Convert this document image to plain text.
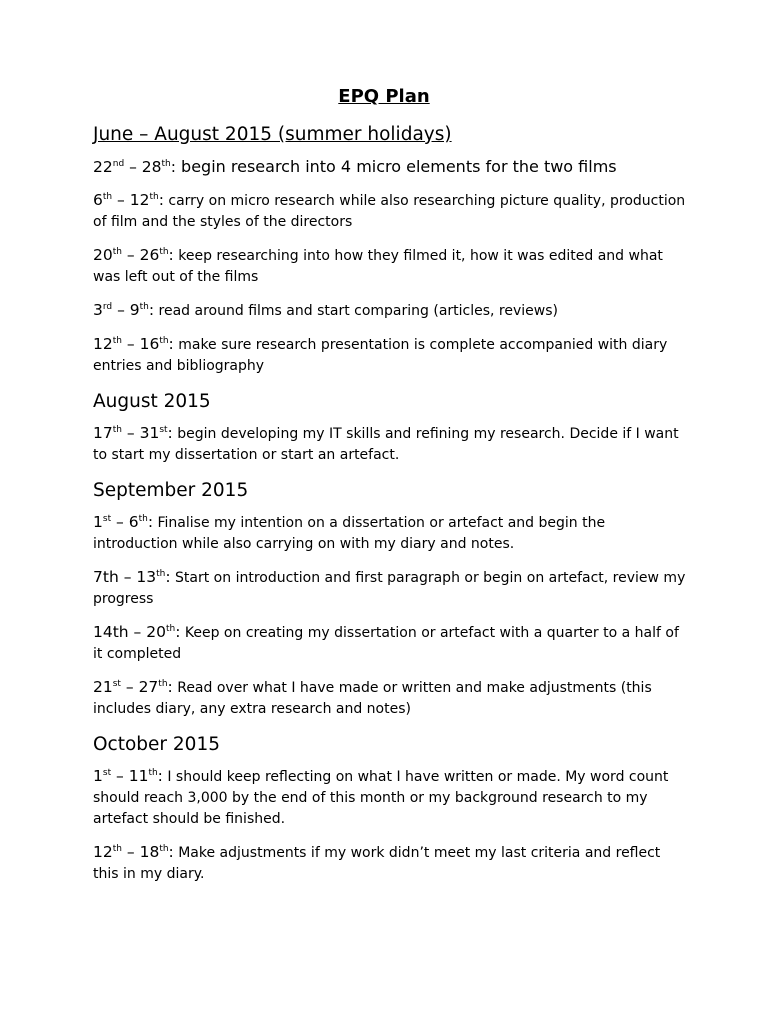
EPQ Plan
June – August 2015 (summer holidays)
22nd – 28th: begin research into 4 micro elements for the two films
6th – 12th: carry on micro research while also researching picture quality, production of film and the styles of the directors
20th – 26th: keep researching into how they filmed it, how it was edited and what was left out of the films
3rd – 9th: read around films and start comparing (articles, reviews)
12th – 16th: make sure research presentation is complete accompanied with diary entries and bibliography
August 2015
17th – 31st: begin developing my IT skills and refining my research. Decide if I want to start my dissertation or start an artefact.
September 2015
1st – 6th: Finalise my intention on a dissertation or artefact and begin the introduction while also carrying on with my diary and notes.
7th – 13th: Start on introduction and first paragraph or begin on artefact, review my progress
14th – 20th: Keep on creating my dissertation or artefact with a quarter to a half of it completed
21st – 27th: Read over what I have made or written and make adjustments (this includes diary, any extra research and notes)
October 2015
1st – 11th: I should keep reflecting on what I have written or made. My word count should reach 3,000 by the end of this month or my background research to my artefact should be finished.
12th – 18th: Make adjustments if my work didn’t meet my last criteria and reflect this in my diary.
